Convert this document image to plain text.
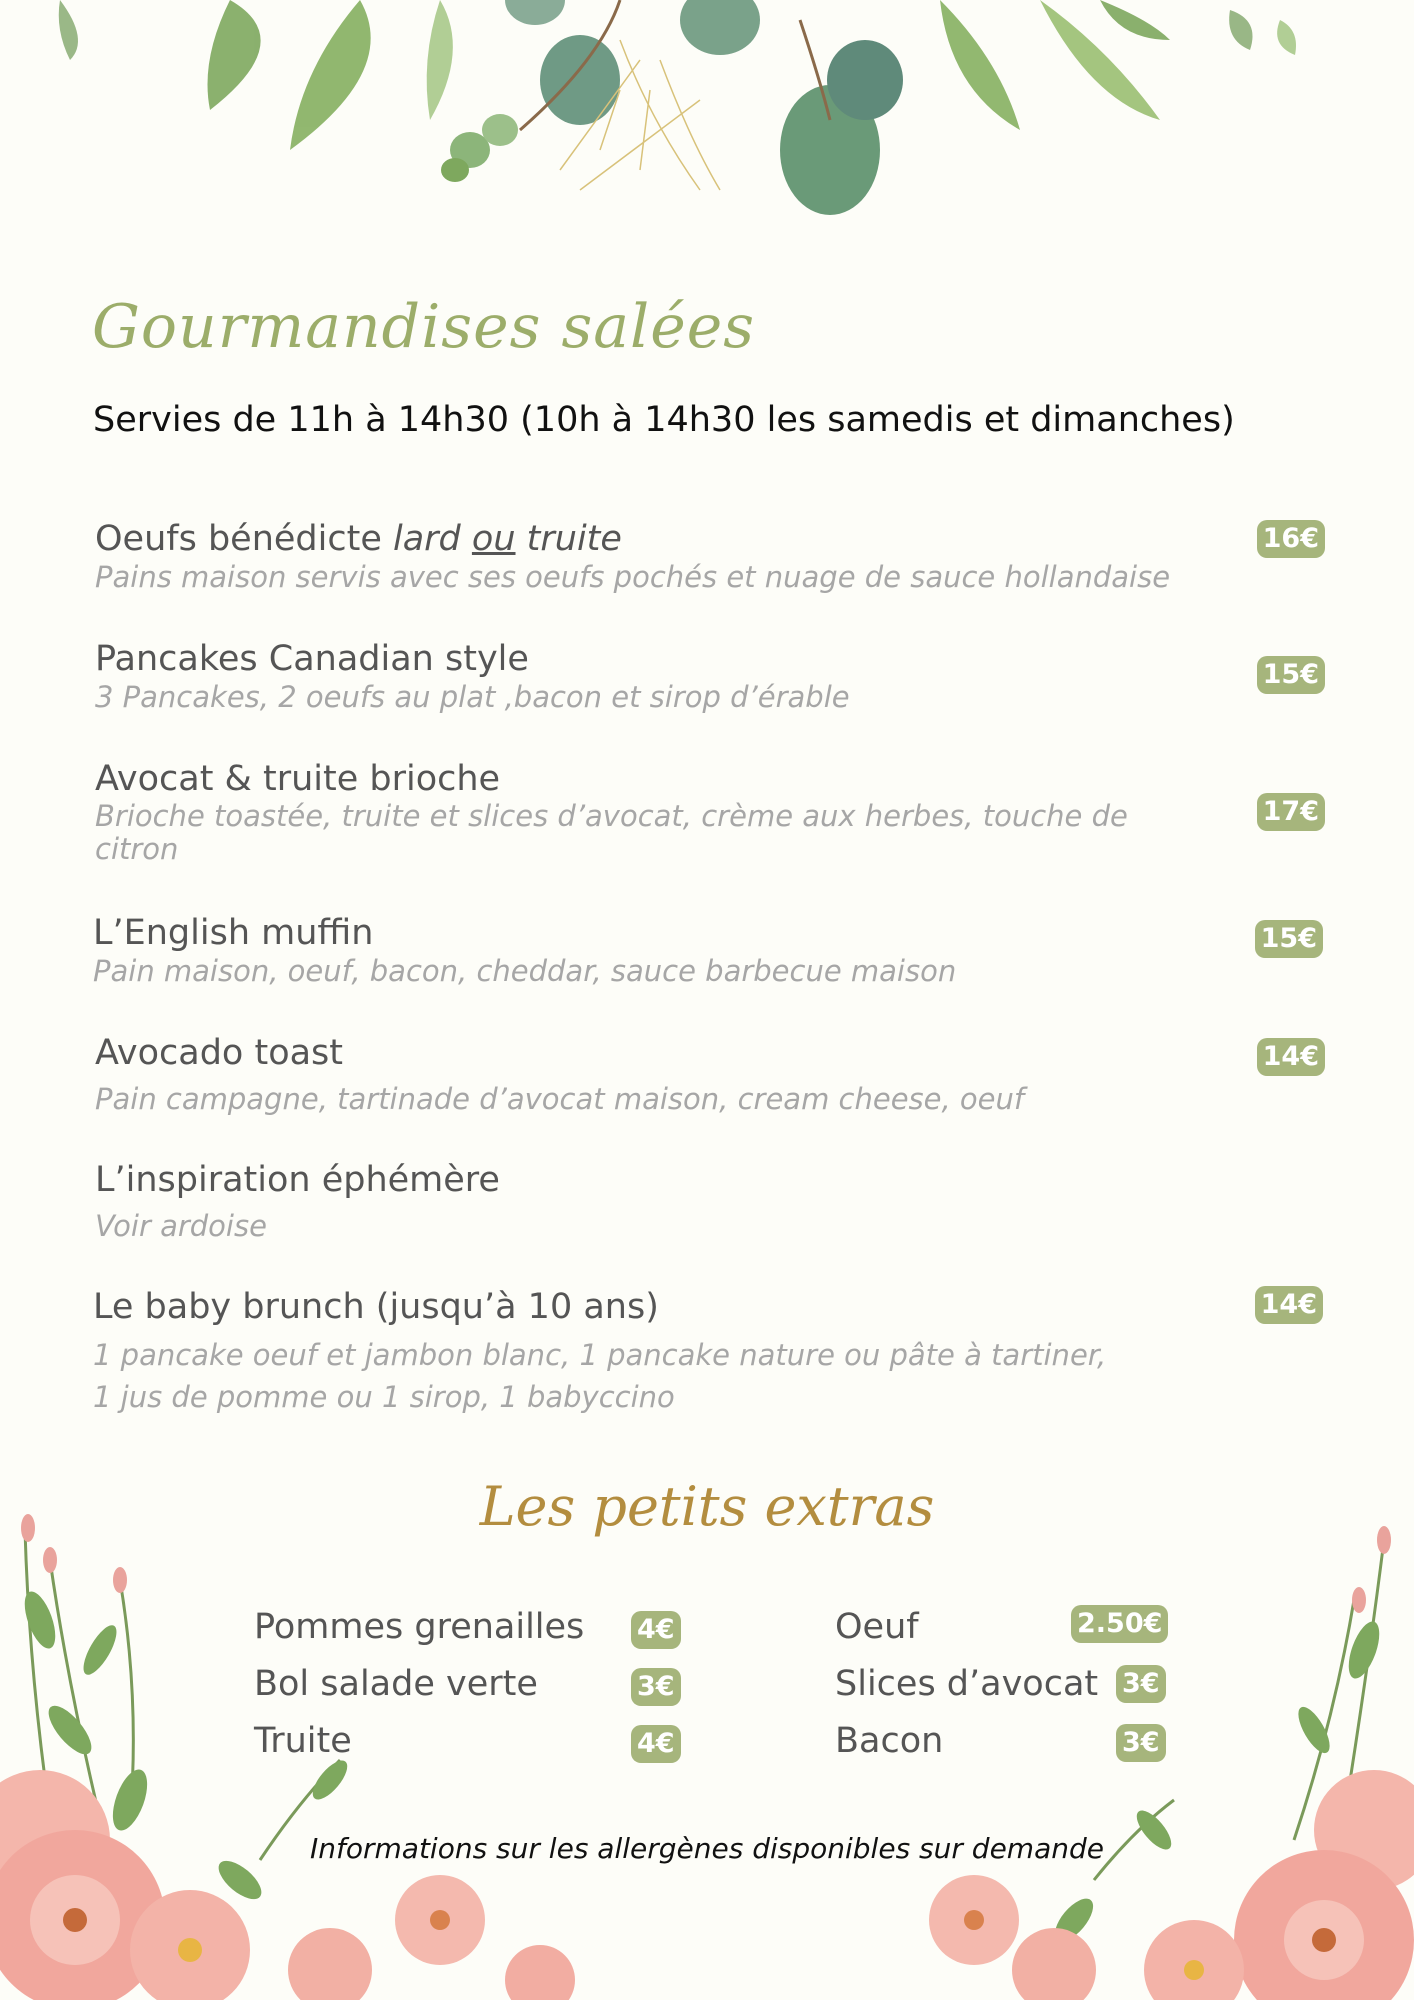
Gourmandises salées

Servies de 11h à 14h30 (10h à 14h30 les samedis et dimanches)

Oeufs bénédicte lard ou truite
Pains maison servis avec ses oeufs pochés et nuage de sauce hollandaise
16€
Pancakes Canadian style
3 Pancakes, 2 oeufs au plat ,bacon et sirop d’érable
15€
Avocat & truite brioche
Brioche toastée, truite et slices d’avocat, crème aux herbes, touche de citron
17€
L’English muffin
Pain maison, oeuf, bacon, cheddar, sauce barbecue maison
15€
Avocado toast
Pain campagne, tartinade d’avocat maison, cream cheese, oeuf
14€
L’inspiration éphémère
Voir ardoise
Le baby brunch (jusqu’à 10 ans)
1 pancake oeuf et jambon blanc, 1 pancake nature ou pâte à tartiner,
1 jus de pomme ou 1 sirop, 1 babyccino
14€
Les petits extras
Pommes grenailles 4€
Bol salade verte	3€
Truite	4€
Oeuf	2.50€
Slices d’avocat 3€
Bacon	3€
Informations sur les allergènes disponibles sur demande
